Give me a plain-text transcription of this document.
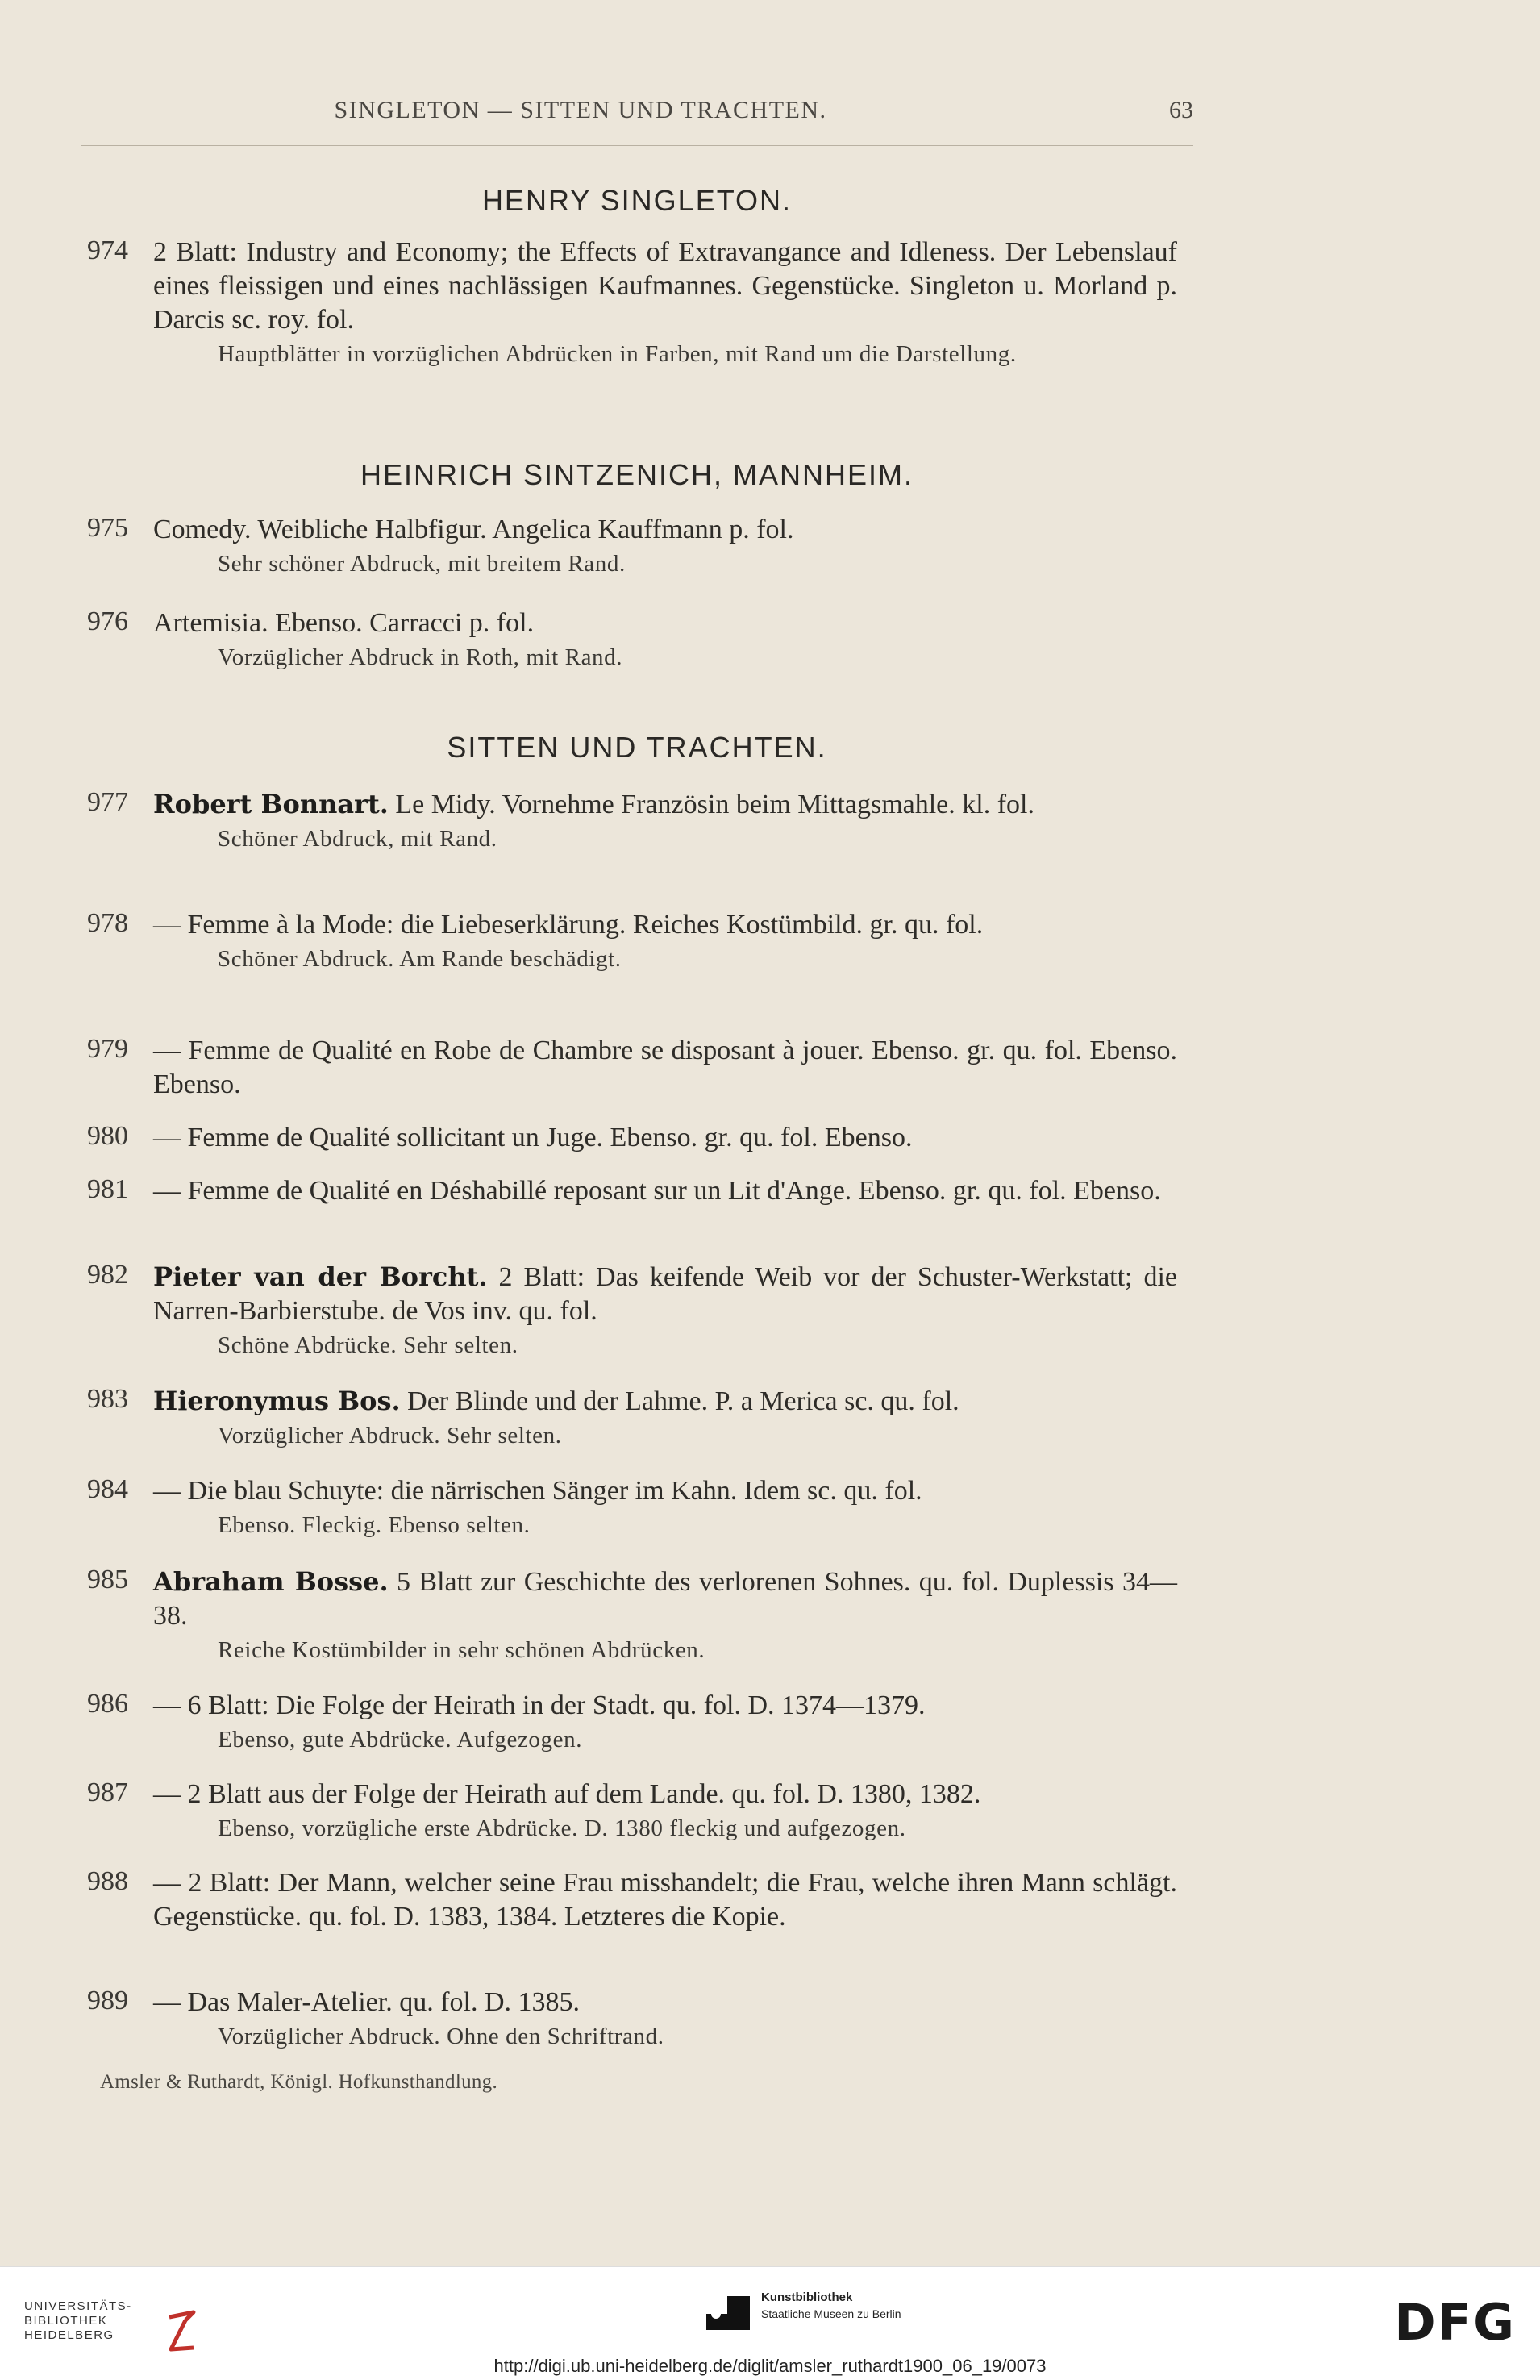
SINGLETON — SITTEN UND TRACHTEN.	63
HENRY SINGLETON.
974 2 Blatt: Industry and Economy; the Effects of Extravangance and Idleness. Der Lebenslauf eines fleissigen und eines nachlässigen Kaufmannes. Gegenstücke. Singleton u. Morland p. Darcis sc. roy. fol.
Hauptblätter in vorzüglichen Abdrücken in Farben, mit Rand um die Darstellung.
HEINRICH SINTZENICH, MANNHEIM.
975 Comedy. Weibliche Halbfigur. Angelica Kauffmann p. fol.
Sehr schöner Abdruck, mit breitem Rand.
976 Artemisia. Ebenso. Carracci p. fol.
Vorzüglicher Abdruck in Roth, mit Rand.
SITTEN UND TRACHTEN.
977 Robert Bonnart. Le Midy. Vornehme Französin beim Mittagsmahle. kl. fol.
Schöner Abdruck, mit Rand.
978 — Femme à la Mode: die Liebeserklärung. Reiches Kostümbild. gr. qu. fol.
Schöner Abdruck. Am Rande beschädigt.
979 — Femme de Qualité en Robe de Chambre se disposant à jouer. Ebenso. gr. qu. fol. Ebenso. Ebenso.
980 — Femme de Qualité sollicitant un Juge. Ebenso. gr. qu. fol. Ebenso.
981 — Femme de Qualité en Déshabillé reposant sur un Lit d'Ange. Ebenso. gr. qu. fol. Ebenso.
982 Pieter van der Borcht. 2 Blatt: Das keifende Weib vor der Schuster-Werkstatt; die Narren-Barbierstube. de Vos inv. qu. fol.
Schöne Abdrücke. Sehr selten.
983 Hieronymus Bos. Der Blinde und der Lahme. P. a Merica sc. qu. fol.
Vorzüglicher Abdruck. Sehr selten.
984 — Die blau Schuyte: die närrischen Sänger im Kahn. Idem sc. qu. fol.
Ebenso. Fleckig. Ebenso selten.
985 Abraham Bosse. 5 Blatt zur Geschichte des verlorenen Sohnes. qu. fol. Duplessis 34—38.
Reiche Kostümbilder in sehr schönen Abdrücken.
986 — 6 Blatt: Die Folge der Heirath in der Stadt. qu. fol. D. 1374—1379.
Ebenso, gute Abdrücke. Aufgezogen.
987 — 2 Blatt aus der Folge der Heirath auf dem Lande. qu. fol. D. 1380, 1382.
Ebenso, vorzügliche erste Abdrücke. D. 1380 fleckig und aufgezogen.
988 — 2 Blatt: Der Mann, welcher seine Frau misshandelt; die Frau, welche ihren Mann schlägt. Gegenstücke. qu. fol. D. 1383, 1384. Letzteres die Kopie.
989 — Das Maler-Atelier. qu. fol. D. 1385.
Vorzüglicher Abdruck. Ohne den Schriftrand.
Amsler & Ruthardt, Königl. Hofkunsthandlung.
UNIVERSITÄTS-
BIBLIOTHEK
HEIDELBERG
Kunstbibliothek
Staatliche Museen zu Berlin	DFG
http://digi.ub.uni-heidelberg.de/diglit/amsler_ruthardt1900_06_19/0073
